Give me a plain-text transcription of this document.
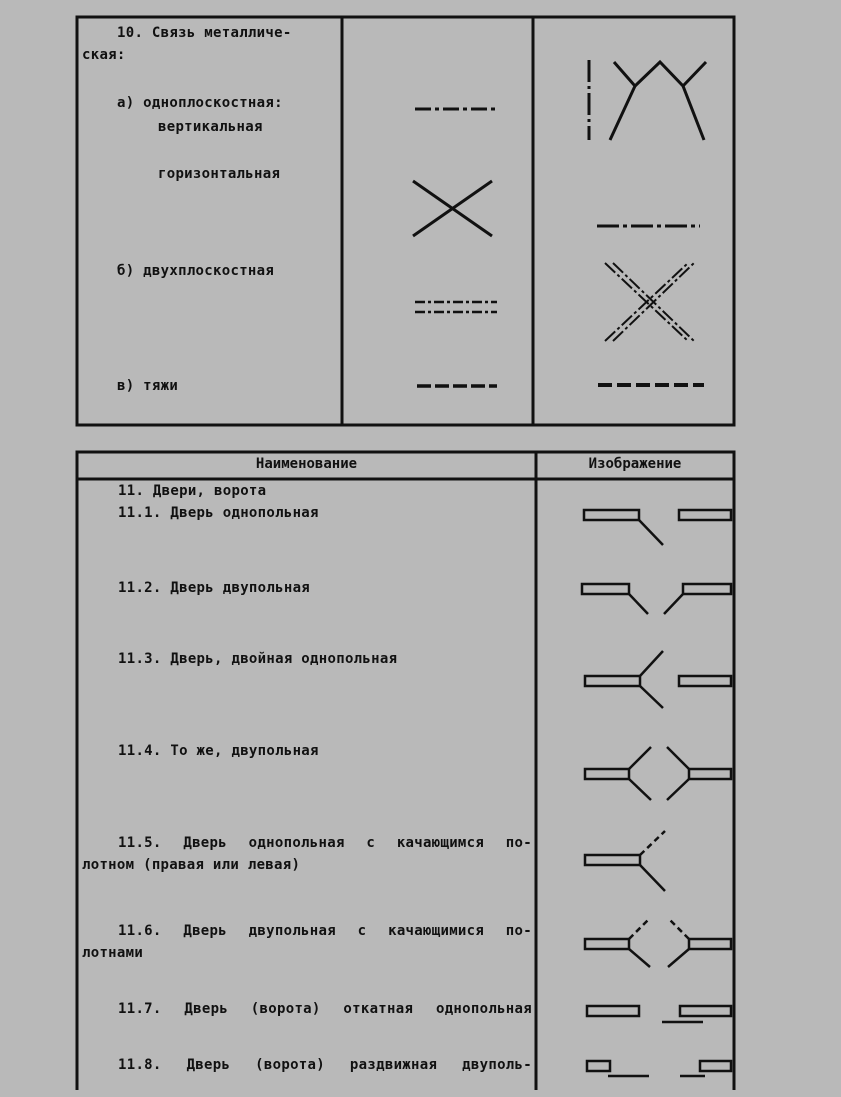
10. Связь металличе-
ская:
а) одноплоскостная:
вертикальная
горизонтальная
б) двухплоскостная
в) тяжи
Наименование	Изображение
11. Двери, ворота
11.1. Дверь однопольная
11.2. Дверь двупольная
11.3. Дверь, двойная однопольная
11.4. То же, двупольная
11.5. Дверь однопольная с качающимся по-
лотном (правая или левая)
11.6. Дверь двупольная с качающимися по-
лотнами
11.7. Дверь (ворота) откатная однопольная
11.8. Дверь (ворота) раздвижная двуполь-
